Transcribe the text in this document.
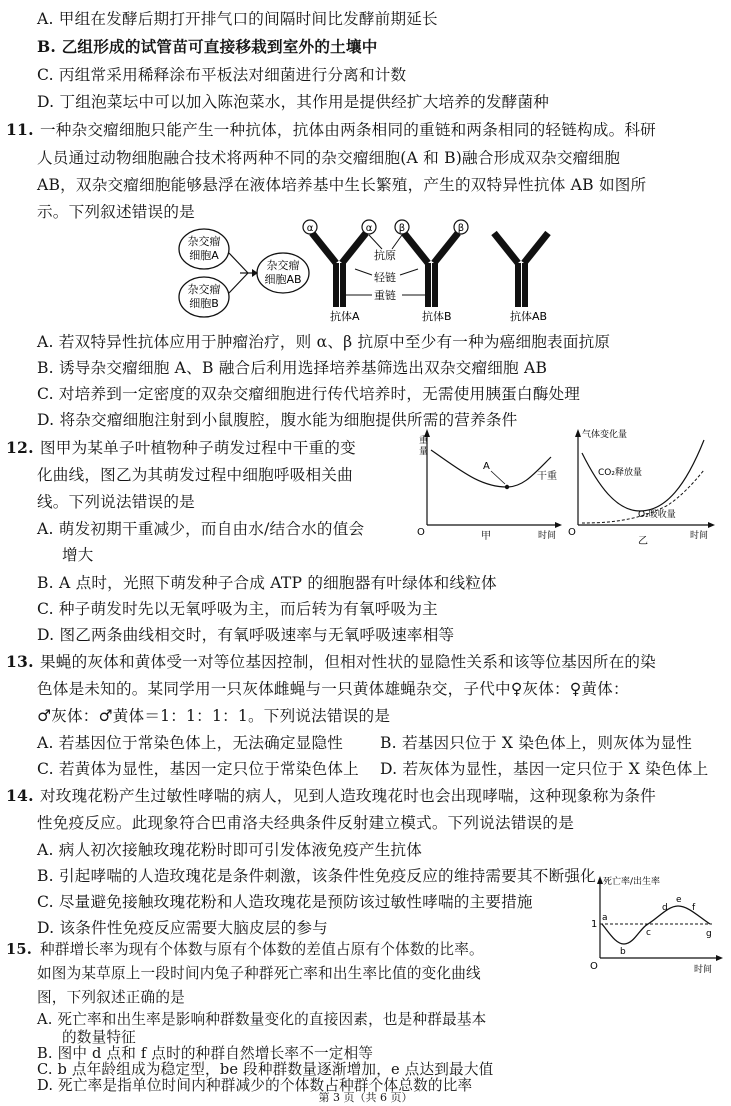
A. 甲组在发酵后期打开排气口的间隔时间比发酵前期延长
B. 乙组形成的试管苗可直接移栽到室外的土壤中
C. 丙组常采用稀释涂布平板法对细菌进行分离和计数
D. 丁组泡菜坛中可以加入陈泡菜水，其作用是提供经扩大培养的发酵菌种
11. 一种杂交瘤细胞只能产生一种抗体，抗体由两条相同的重链和两条相同的轻链构成。科研
人员通过动物细胞融合技术将两种不同的杂交瘤细胞(A 和 B)融合形成双杂交瘤细胞
AB，双杂交瘤细胞能够悬浮在液体培养基中生长繁殖，产生的双特异性抗体 AB 如图所
示。下列叙述错误的是
杂交瘤
细胞A
杂交瘤
细胞B
杂交瘤
细胞AB
α	α
抗体A
β	β
抗体B
抗原
轻链
重链
抗体AB
A. 若双特异性抗体应用于肿瘤治疗，则 α、β 抗原中至少有一种为癌细胞表面抗原
B. 诱导杂交瘤细胞 A、B 融合后利用选择培养基筛选出双杂交瘤细胞 AB
C. 对培养到一定密度的双杂交瘤细胞进行传代培养时，无需使用胰蛋白酶处理
D. 将杂交瘤细胞注射到小鼠腹腔，腹水能为细胞提供所需的营养条件
12. 图甲为某单子叶植物种子萌发过程中干重的变
化曲线，图乙为其萌发过程中细胞呼吸相关曲
线。下列说法错误的是
A. 萌发初期干重减少，而自由水/结合水的值会
增大
B. A 点时，光照下萌发种子合成 ATP 的细胞器有叶绿体和线粒体
C. 种子萌发时先以无氧呼吸为主，而后转为有氧呼吸为主
D. 图乙两条曲线相交时，有氧呼吸速率与无氧呼吸速率相等
重
量
O
A
干重
时间
甲
气体变化量
O
CO₂释放量
O₂吸收量
时间
乙
13. 果蝇的灰体和黄体受一对等位基因控制，但相对性状的显隐性关系和该等位基因所在的染
色体是未知的。某同学用一只灰体雌蝇与一只黄体雄蝇杂交，子代中♀灰体：♀黄体：
♂灰体：♂黄体＝1：1：1：1。下列说法错误的是
A. 若基因位于常染色体上，无法确定显隐性 B. 若基因只位于 X 染色体上，则灰体为显性
C. 若黄体为显性，基因一定只位于常染色体上 D. 若灰体为显性，基因一定只位于 X 染色体上
14. 对玫瑰花粉产生过敏性哮喘的病人，见到人造玫瑰花时也会出现哮喘，这种现象称为条件
性免疫反应。此现象符合巴甫洛夫经典条件反射建立模式。下列说法错误的是
A. 病人初次接触玫瑰花粉时即可引发体液免疫产生抗体
B. 引起哮喘的人造玫瑰花是条件刺激，该条件性免疫反应的维持需要其不断强化
C. 尽量避免接触玫瑰花粉和人造玫瑰花是预防该过敏性哮喘的主要措施
D. 该条件性免疫反应需要大脑皮层的参与
15. 种群增长率为现有个体数与原有个体数的差值占原有个体数的比率。
如图为某草原上一段时间内兔子种群死亡率和出生率比值的变化曲线
图，下列叙述正确的是
A. 死亡率和出生率是影响种群数量变化的直接因素，也是种群最基本
的数量特征
死亡率/出生率
O
1
a
b
c
d
e
f
g
时间
第 3 页（共 6 页）
B. 图中 d 点和 f 点时的种群自然增长率不一定相等
C. b 点年龄组成为稳定型，be 段种群数量逐渐增加，e 点达到最大值
D. 死亡率是指单位时间内种群减少的个体数占种群个体总数的比率
